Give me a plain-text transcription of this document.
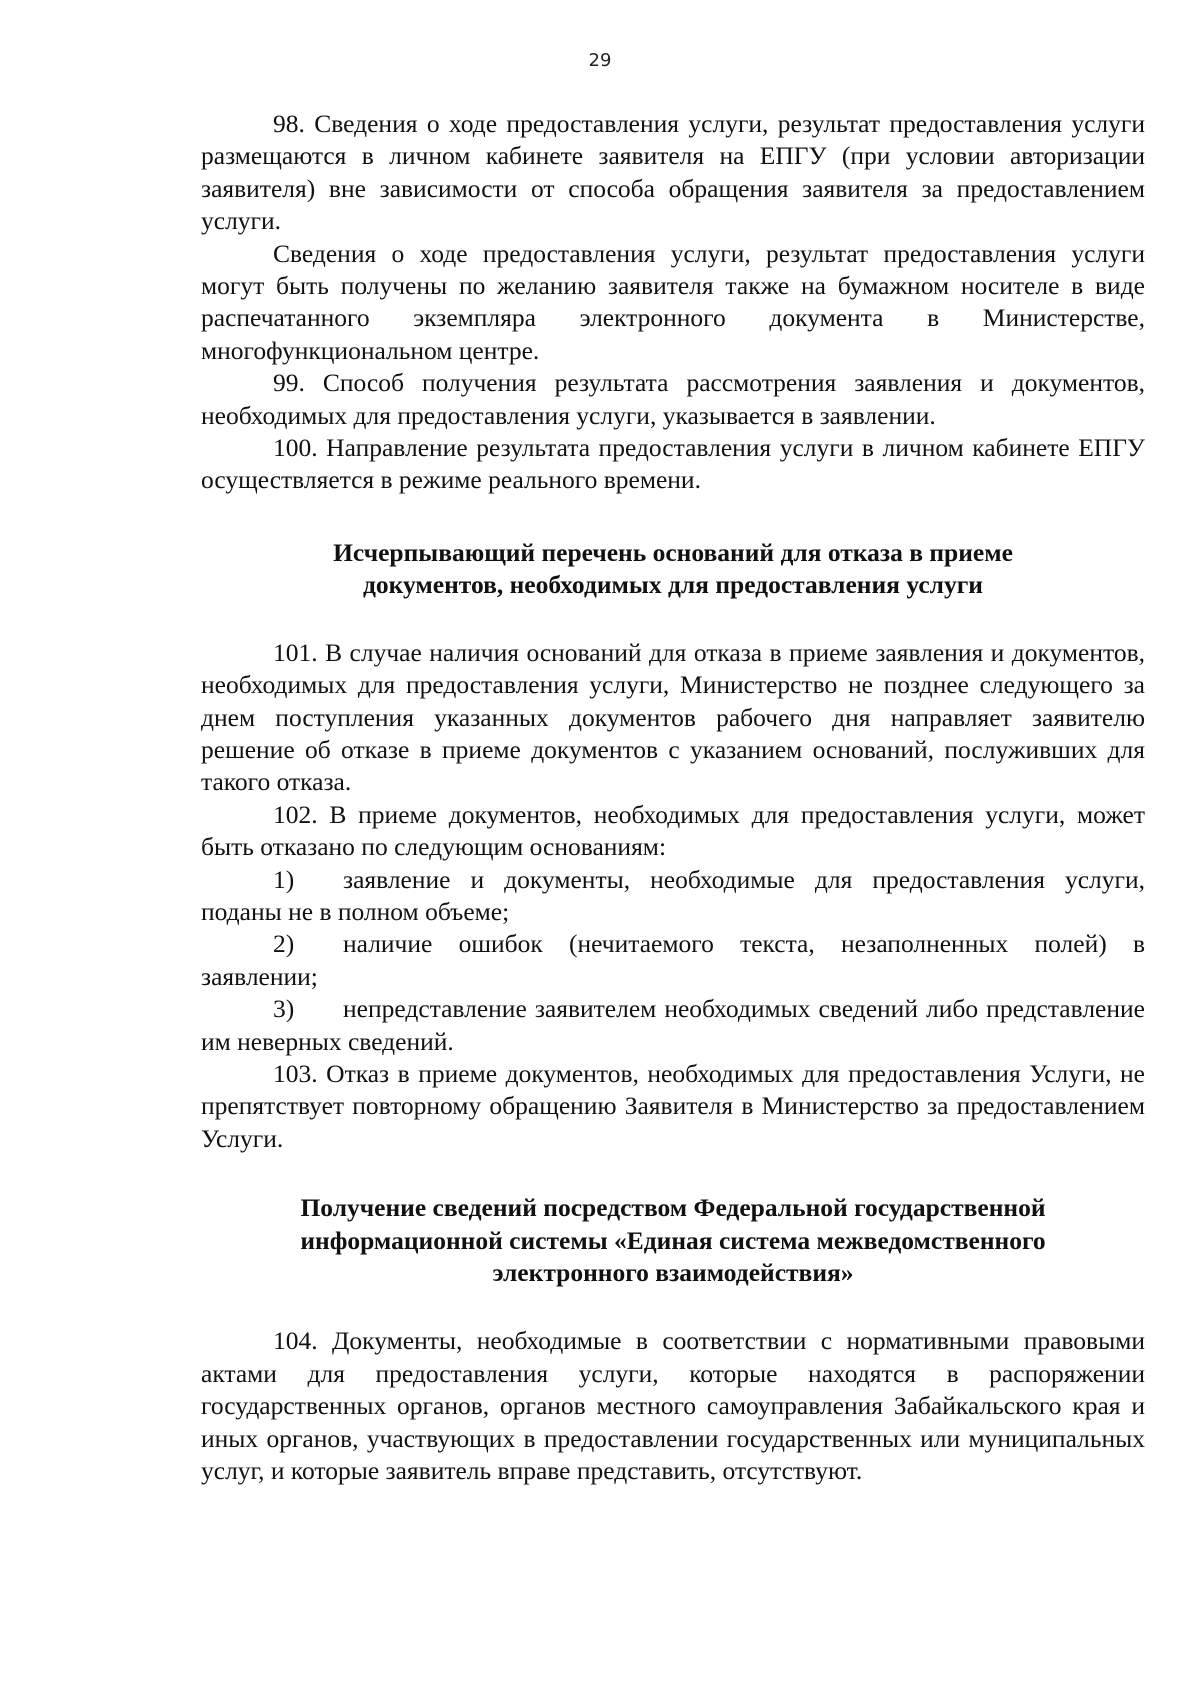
29

98. Сведения о ходе предоставления услуги, результат предоставления услуги размещаются в личном кабинете заявителя на ЕПГУ (при условии авторизации заявителя) вне зависимости от способа обращения заявителя за предоставлением услуги.

Сведения о ходе предоставления услуги, результат предоставления услуги могут быть получены по желанию заявителя также на бумажном носителе в виде распечатанного экземпляра электронного документа в Министерстве, многофункциональном центре.

99. Способ получения результата рассмотрения заявления и документов, необходимых для предоставления услуги, указывается в заявлении.

100. Направление результата предоставления услуги в личном кабинете ЕПГУ осуществляется в режиме реального времени.

Исчерпывающий перечень оснований для отказа в приеме
документов, необходимых для предоставления услуги

101. В случае наличия оснований для отказа в приеме заявления и документов, необходимых для предоставления услуги, Министерство не позднее следующего за днем поступления указанных документов рабочего дня направляет заявителю решение об отказе в приеме документов с указанием оснований, послуживших для такого отказа.

102. В приеме документов, необходимых для предоставления услуги, может быть отказано по следующим основаниям:

1) заявление и документы, необходимые для предоставления услуги, поданы не в полном объеме;

2) наличие ошибок (нечитаемого текста, незаполненных полей) в заявлении;

3) непредставление заявителем необходимых сведений либо представление им неверных сведений.

103. Отказ в приеме документов, необходимых для предоставления Услуги, не препятствует повторному обращению Заявителя в Министерство за предоставлением Услуги.

Получение сведений посредством Федеральной государственной
информационной системы «Единая система межведомственного
электронного взаимодействия»

104. Документы, необходимые в соответствии с нормативными правовыми актами для предоставления услуги, которые находятся в распоряжении государственных органов, органов местного самоуправления Забайкальского края и иных органов, участвующих в предоставлении государственных или муниципальных услуг, и которые заявитель вправе представить, отсутствуют.
